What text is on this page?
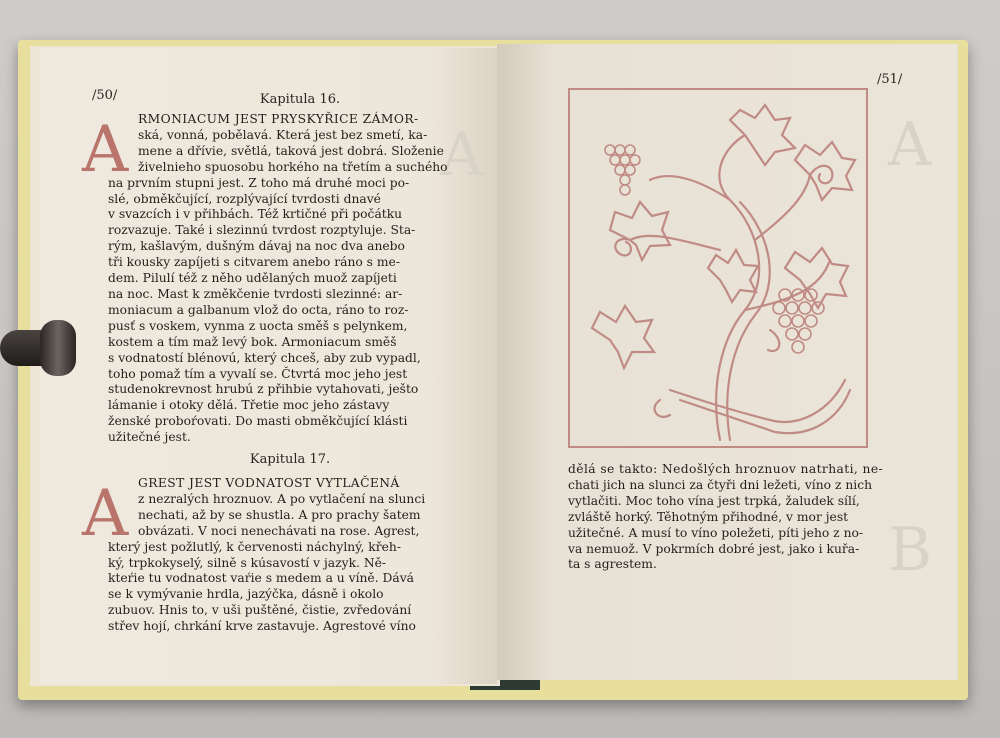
A	A
B
/50/	Kapitula 16.
A RMONIACUM JEST PRYSKYŘICE ZÁMOR-
ská, vonná, pobělavá. Která jest bez smetí, ka-
mene a dřívie, světlá, taková jest dobrá. Složenie
živelnieho spuosobu horkého na třetím a suchého
na prvním stupni jest. Z toho má druhé moci po-
slé, obměkčující, rozplývající tvrdosti dnavé
v svazcích i v přihbách. Též krtičné při počátku
rozvazuje. Také i slezinnú tvrdost rozptyluje. Sta-
rým, kašlavým, dušným dávaj na noc dva anebo
tři kousky zapíjeti s citvarem anebo ráno s me-
dem. Pilulí též z něho udělaných muož zapíjeti
na noc. Mast k změkčenie tvrdosti slezinné: ar-
moniacum a galbanum vlož do octa, ráno to roz-
pusť s voskem, vynma z uocta směš s pelynkem,
kostem a tím maž levý bok. Armoniacum směš
s vodnatostí blénovú, který chceš, aby zub vypadl,
toho pomaž tím a vyvalí se. Čtvrtá moc jeho jest
studenokrevnost hrubú z přihbie vytahovati, ješto
lámanie i otoky dělá. Třetie moc jeho zástavy
ženské proboŕovati. Do masti obměkčující klásti
užitečné jest.
Kapitula 17.
A GREST JEST VODNATOST VYTLAČENÁ
z nezralých hroznuov. A po vytlačení na slunci
nechati, až by se shustla. A pro prachy šatem
obvázati. V noci nenechávati na rose. Agrest,
který jest požlutlý, k červenosti náchylný, křeh-
ký, trpkokyselý, silně s kúsavostí v jazyk. Ně-
kteŕie tu vodnatost vaŕie s medem a u víně. Dává
se k vymývanie hrdla, jazýčka, dásně i okolo
zubuov. Hnis to, v uši puštěné, čistie, zvředování
střev hojí, chrkání krve zastavuje. Agrestové víno
/51/
dělá se takto: Nedošlých hroznuov natrhati, ne-
chati jich na slunci za čtyři dni ležeti, víno z nich
vytlačiti. Moc toho vína jest trpká, žaludek sílí,
zvláště horký. Těhotným přihodné, v mor jest
užitečné. A musí to víno poležeti, píti jeho z no-
va nemuož. V pokrmích dobré jest, jako i kuřa-
ta s agrestem.
